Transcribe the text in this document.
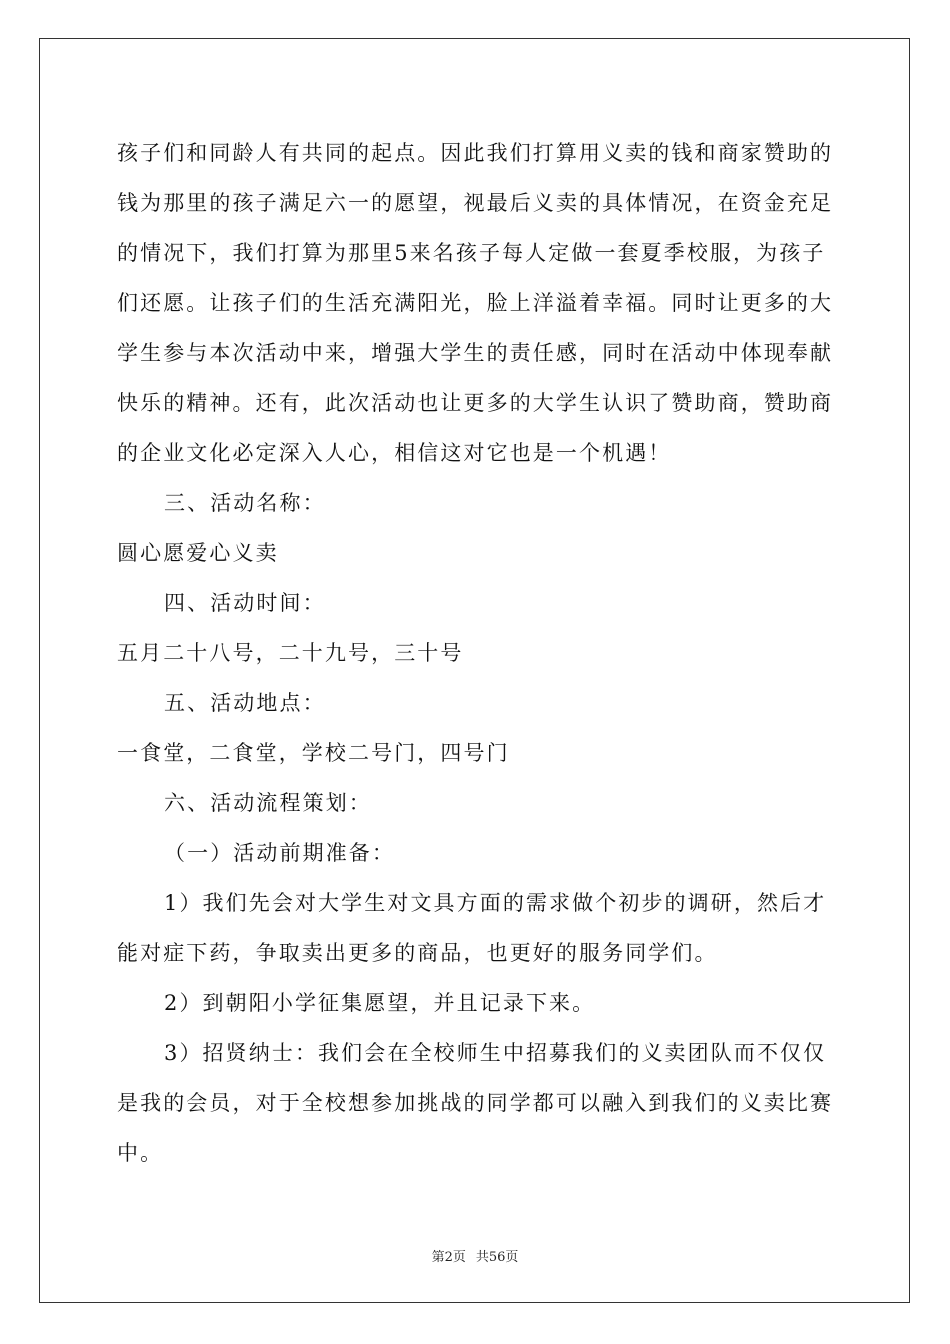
孩子们和同龄人有共同的起点。因此我们打算用义卖的钱和商家赞助的钱为那里的孩子满足六一的愿望，视最后义卖的具体情况，在资金充足的情况下，我们打算为那里5来名孩子每人定做一套夏季校服，为孩子们还愿。让孩子们的生活充满阳光，脸上洋溢着幸福。同时让更多的大学生参与本次活动中来，增强大学生的责任感，同时在活动中体现奉献快乐的精神。还有，此次活动也让更多的大学生认识了赞助商，赞助商的企业文化必定深入人心，相信这对它也是一个机遇！

三、活动名称：

圆心愿爱心义卖

四、活动时间：

五月二十八号，二十九号，三十号

五、活动地点：

一食堂，二食堂，学校二号门，四号门

六、活动流程策划：

（一）活动前期准备：

1）我们先会对大学生对文具方面的需求做个初步的调研，然后才能对症下药，争取卖出更多的商品，也更好的服务同学们。

2）到朝阳小学征集愿望，并且记录下来。

3）招贤纳士：我们会在全校师生中招募我们的义卖团队而不仅仅是我的会员，对于全校想参加挑战的同学都可以融入到我们的义卖比赛中。

第2页 共56页
